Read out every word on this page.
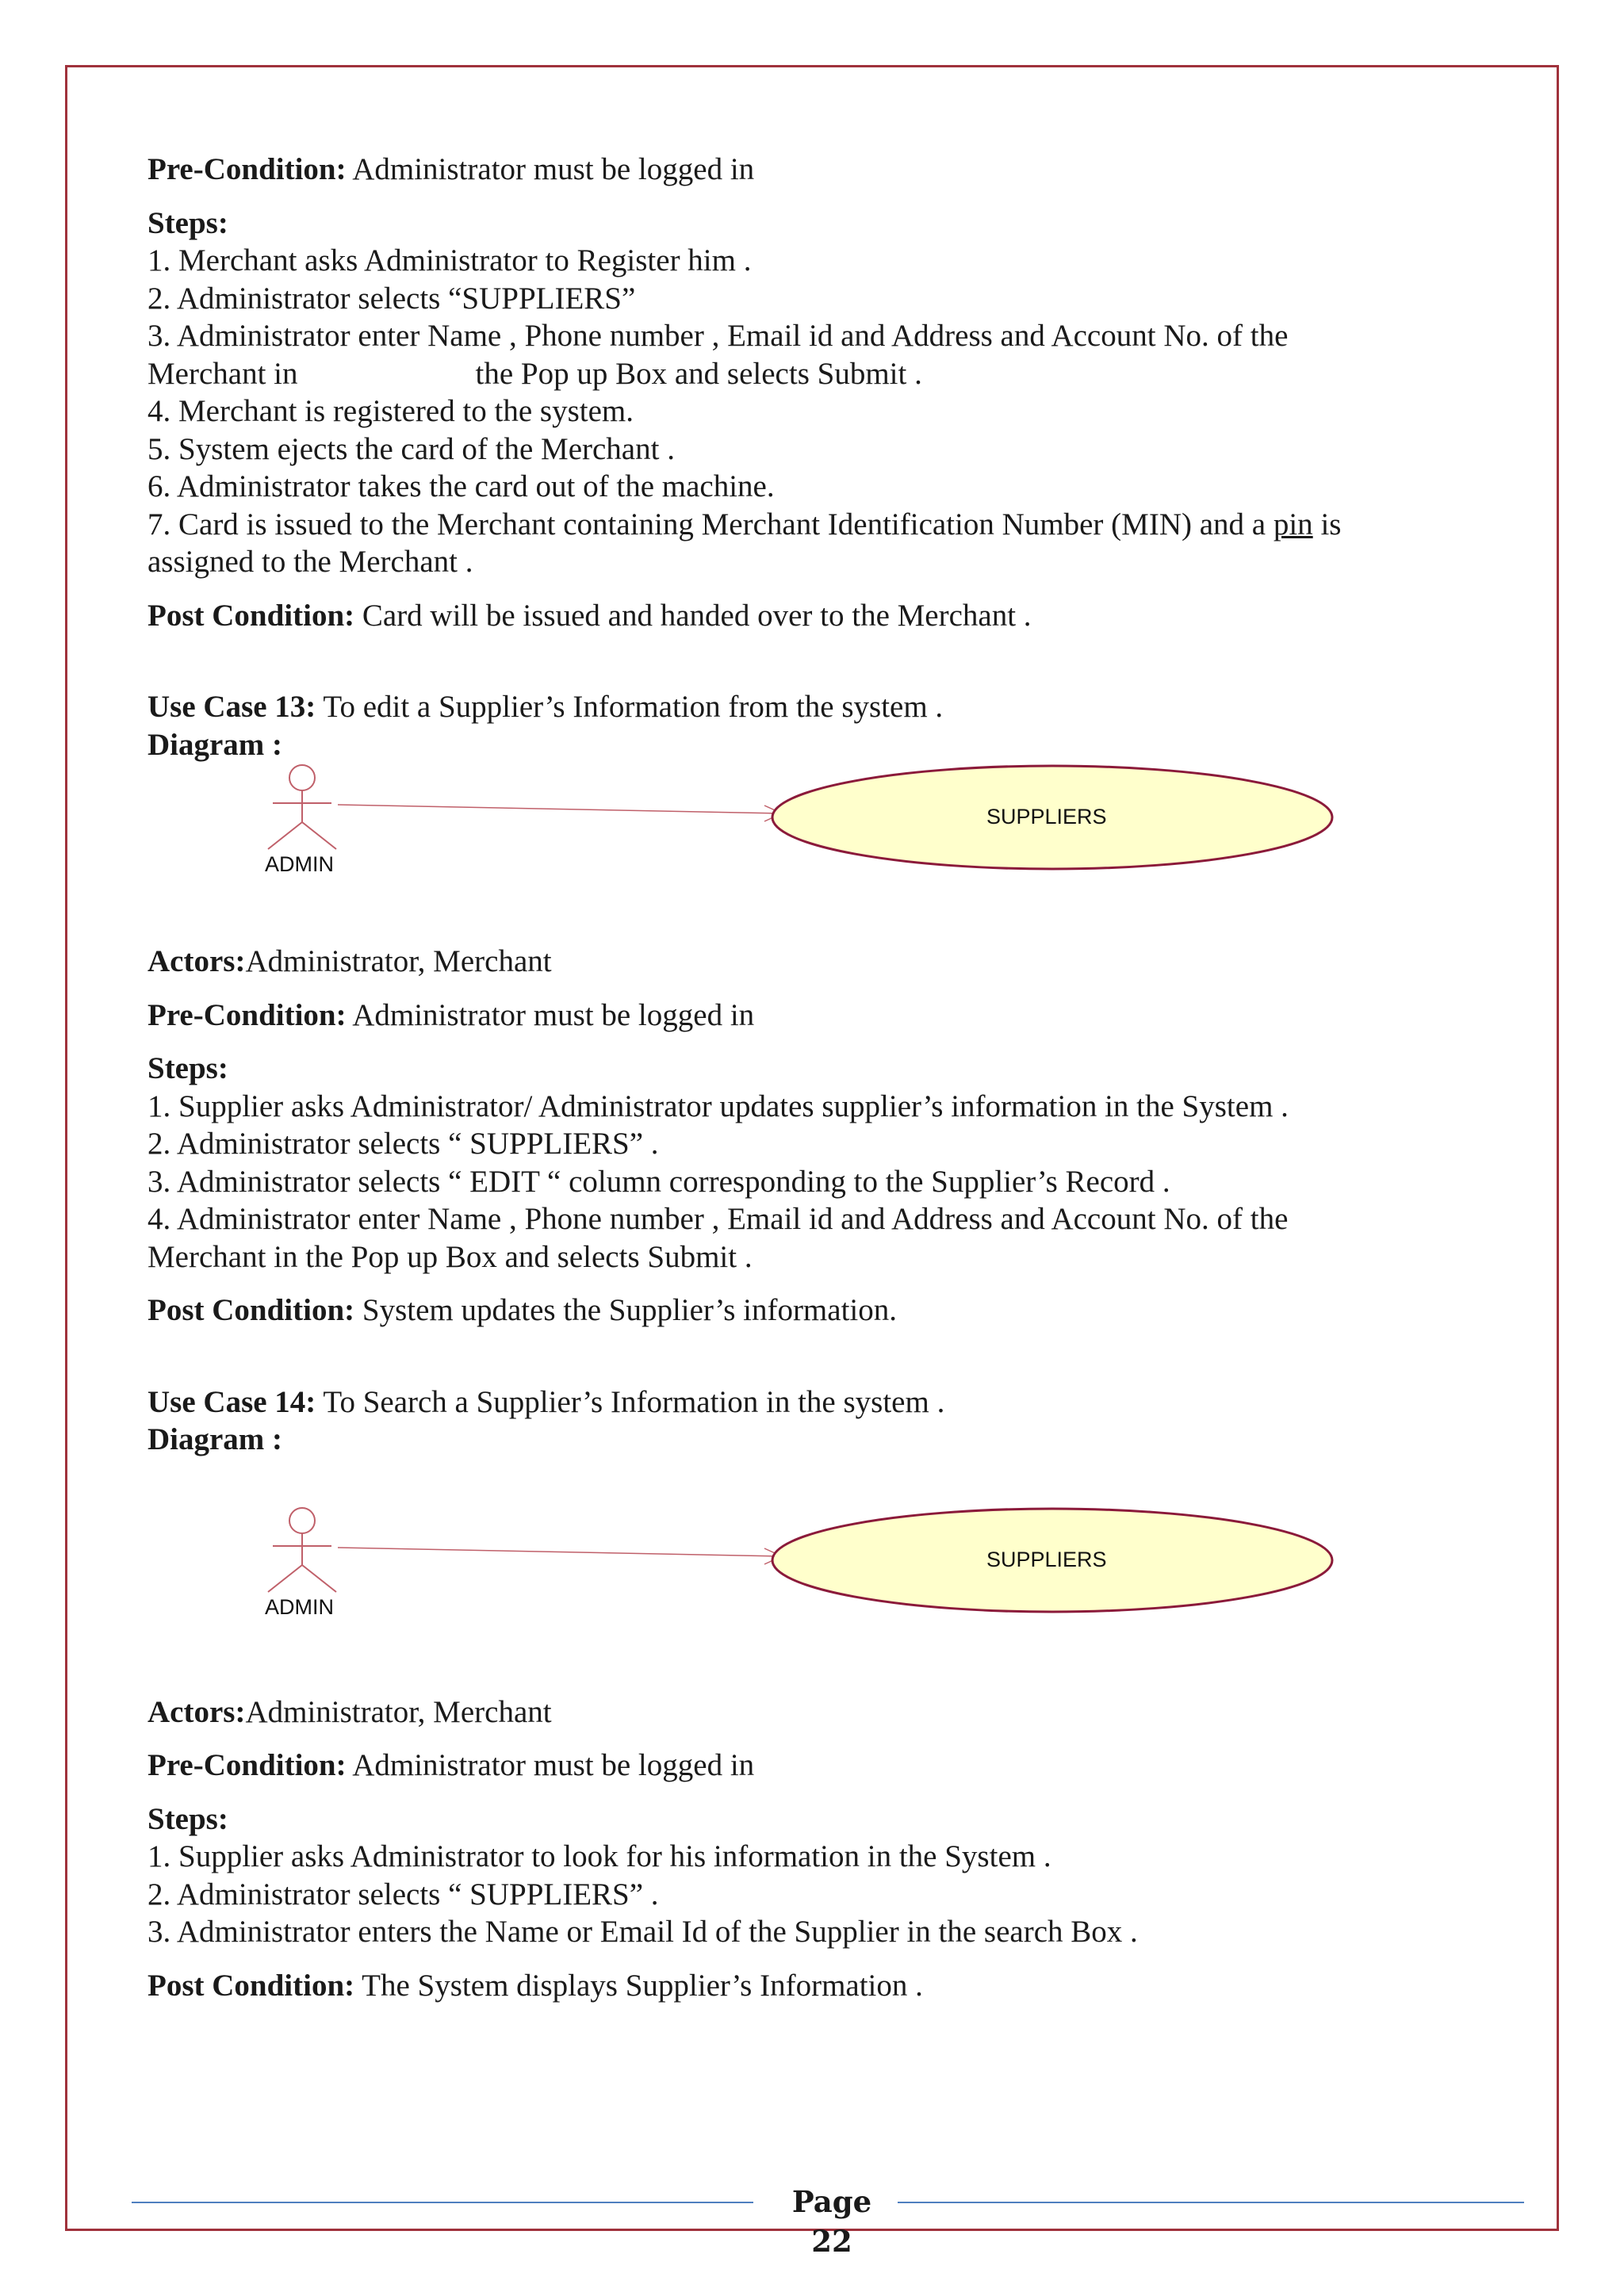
Pre-Condition: Administrator must be logged in

Steps:

1. Merchant asks Administrator to Register him .

2. Administrator selects “SUPPLIERS”

3. Administrator enter Name , Phone number , Email id and Address and Account No. of the

Merchant in	the Pop up Box and selects Submit .

4. Merchant is registered to the system.

5. System ejects the card of the Merchant .

6. Administrator takes the card out of the machine.

7. Card is issued to the Merchant containing Merchant Identification Number (MIN) and a pin is

assigned to the Merchant .

Post Condition: Card will be issued and handed over to the Merchant .

Use Case 13: To edit a Supplier’s Information from the system .

Diagram :

ADMIN
SUPPLIERS

Actors:Administrator, Merchant

Pre-Condition: Administrator must be logged in

Steps:

1. Supplier asks Administrator/ Administrator updates supplier’s information in the System .

2. Administrator selects “ SUPPLIERS” .

3. Administrator selects “ EDIT “ column corresponding to the Supplier’s Record .

4. Administrator enter Name , Phone number , Email id and Address and Account No. of the

Merchant in the Pop up Box and selects Submit .

Post Condition: System updates the Supplier’s information.

Use Case 14: To Search a Supplier’s Information in the system .

Diagram :

ADMIN
SUPPLIERS

Actors:Administrator, Merchant

Pre-Condition: Administrator must be logged in

Steps:

1. Supplier asks Administrator to look for his information in the System .

2. Administrator selects “ SUPPLIERS” .

3. Administrator enters the Name or Email Id of the Supplier in the search Box .

Post Condition: The System displays Supplier’s Information .

Page 22
